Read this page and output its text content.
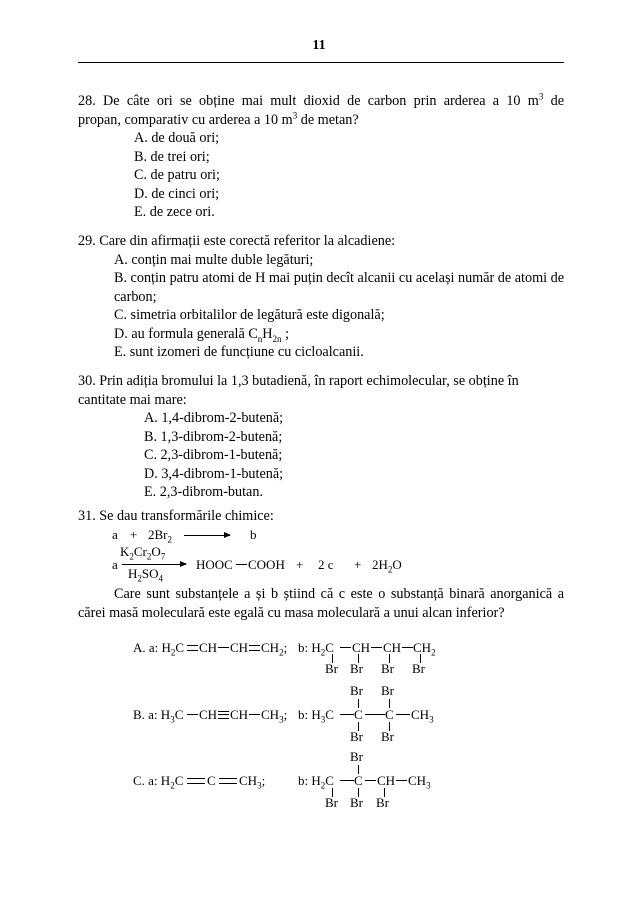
11
28. De câte ori se obține mai mult dioxid de carbon prin arderea a 10 $m^3$ de
propan, comparativ cu arderea a 10 $m^3$ de metan?
A. de două ori;
B. de trei ori;
C. de patru ori;
D. de cinci ori;
E. de zece ori.
29. Care din afirmații este corectă referitor la alcadiene:
A. conțin mai multe duble legături;
B. conțin patru atomi de H mai puțin decît alcanii cu același număr de atomi de carbon;
C. simetria orbitalilor de legătură este digonală;
D. au formula generală $C_nH_{2n}$ ;
E. sunt izomeri de funcțiune cu cicloalcanii.
30. Prin adiția bromului la 1,3 butadienă, în raport echimolecular, se obține în cantitate mai mare:
A. 1,4-dibrom-2-butenă;
B. 1,3-dibrom-2-butenă;
C. 2,3-dibrom-1-butenă;
D. 3,4-dibrom-1-butenă;
E. 2,3-dibrom-butan.
31. Se dau transformările chimice:
$a + 2Br_2$	b
$K_2Cr_2O_7$
a
$H_2SO_4$
HOOC COOH + 2 $c + 2H_2O$
Care sunt substanțele a și b știind că c este o substanță binară anorganică a cărei masă moleculară este egală cu masa moleculară a unui alcan inferior?
A. a: $H_2C$ CH CH $CH_2$; b: $H_2C$ CH CH $CH_2$
Br Br Br Br
Br Br
B. a: $H_3C$ CH CH $CH_3$; b: $H_3C$ C C $CH_3$
Br Br
Br
C. a: $H_2C$ C $CH_3$;	b: $H_2C$ C CH $CH_3$
Br Br Br
